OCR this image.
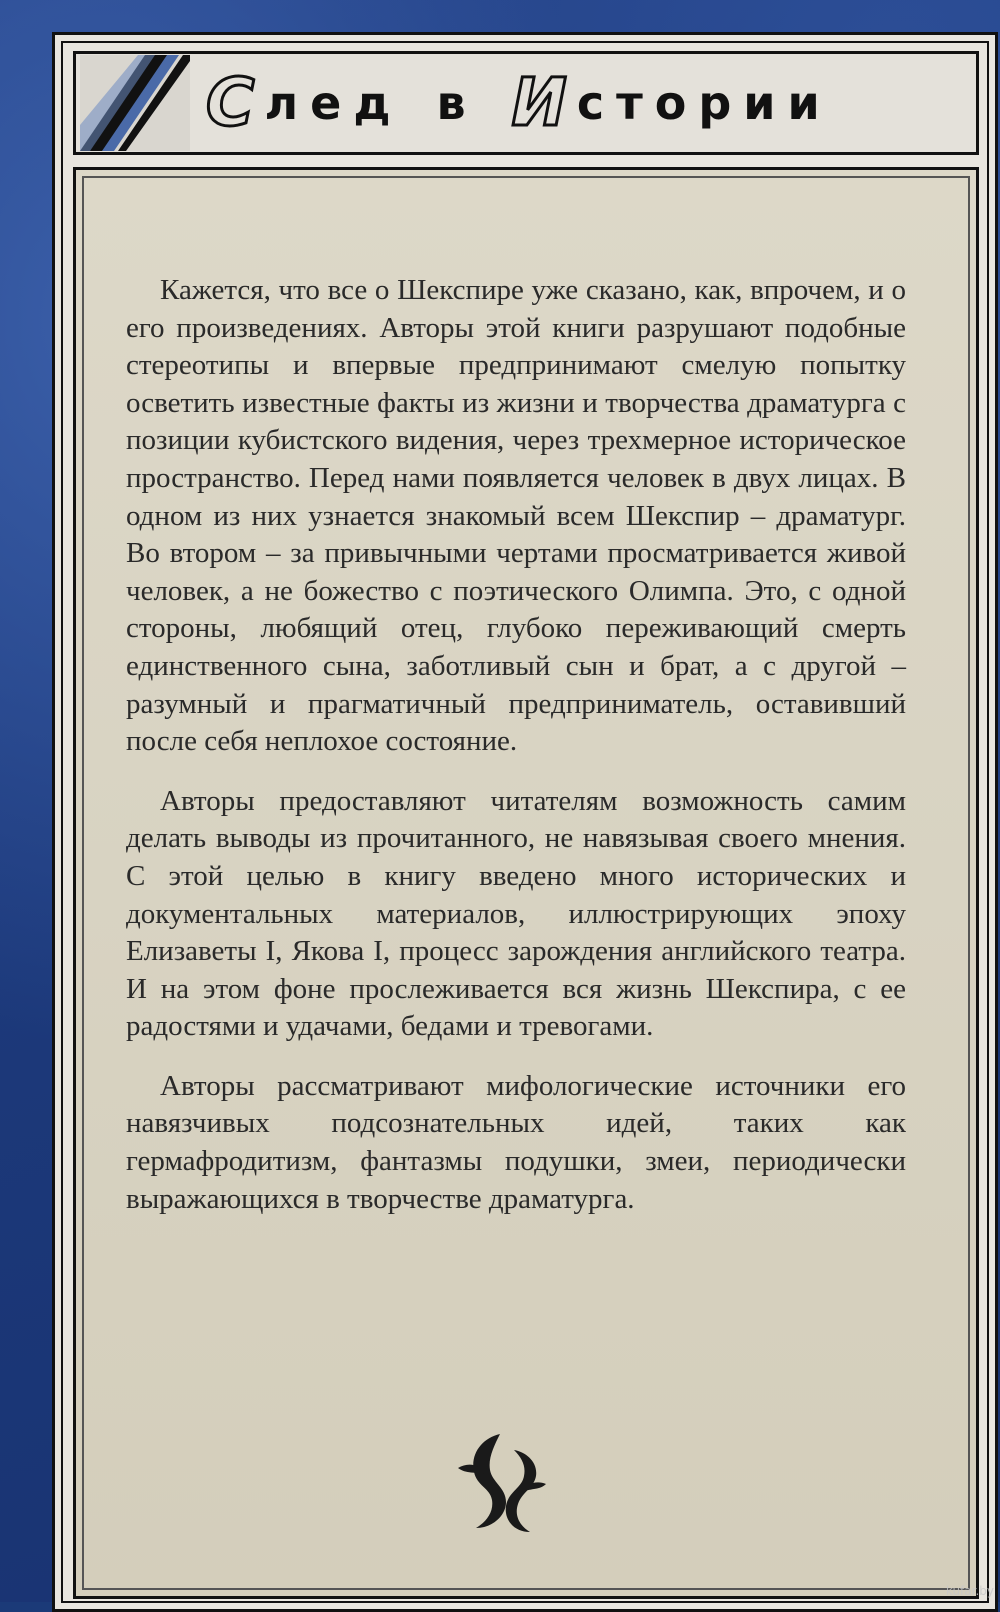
С лед в И стории

Кажется, что все о Шекспире уже сказано, как, впрочем, и о его произведениях. Авторы этой книги разрушают подобные стереотипы и впервые предпринимают смелую попытку осветить известные факты из жизни и творчества драматурга с позиции кубистского видения, через трехмерное историческое пространство. Перед нами появляется человек в двух лицах. В одном из них узнается знакомый всем Шекспир – драматург. Во втором – за привычными чертами просматривается живой человек, а не божество с поэтического Олимпа. Это, с одной стороны, любящий отец, глубоко переживающий смерть единственного сына, заботливый сын и брат, а с другой – разумный и прагматичный предприниматель, оставивший после себя неплохое состояние.

Авторы предоставляют читателям возможность самим делать выводы из прочитанного, не навязывая своего мнения. С этой целью в книгу введено много исторических и документальных материалов, иллюстрирующих эпоху Елизаветы I, Якова I, процесс зарождения английского театра. И на этом фоне прослеживается вся жизнь Шекспира, с ее радостями и удачами, бедами и тревогами.

Авторы рассматривают мифологические источники его навязчивых подсознательных идей, таких как гермафродитизм, фантазмы подушки, змеи, периодически выражающихся в творчестве драматурга.

kufar.by
